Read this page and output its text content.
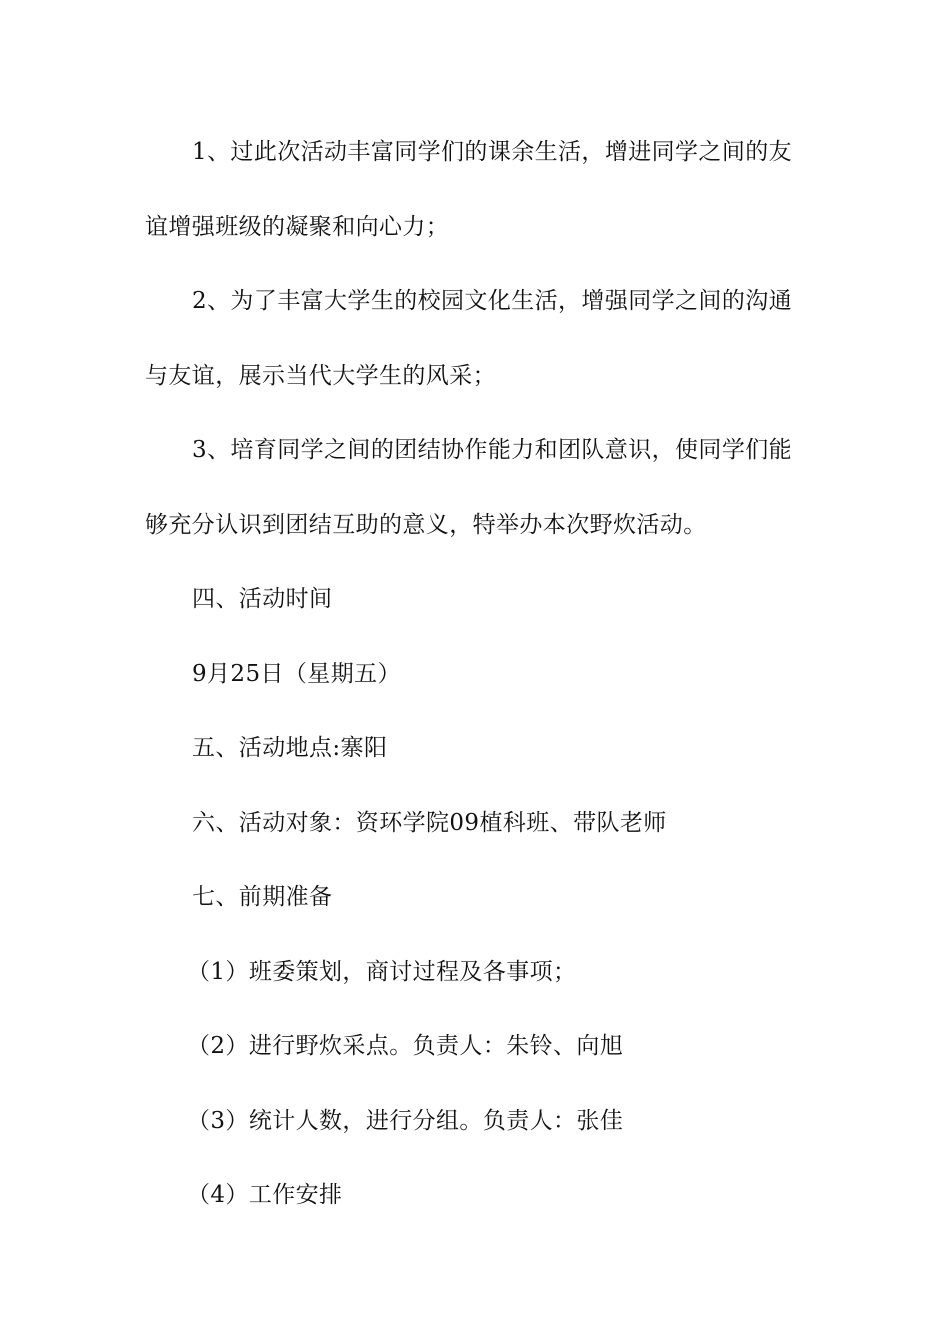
1、过此次活动丰富同学们的课余生活，增进同学之间的友
谊增强班级的凝聚和向心力；
2、为了丰富大学生的校园文化生活，增强同学之间的沟通
与友谊，展示当代大学生的风采；
3、培育同学之间的团结协作能力和团队意识，使同学们能
够充分认识到团结互助的意义，特举办本次野炊活动。
四、活动时间
9月25日（星期五）
五、活动地点:寨阳
六、活动对象：资环学院09植科班、带队老师
七、前期准备
（1）班委策划，商讨过程及各事项；
（2）进行野炊采点。负责人：朱铃、向旭
（3）统计人数，进行分组。负责人：张佳
（4）工作安排
